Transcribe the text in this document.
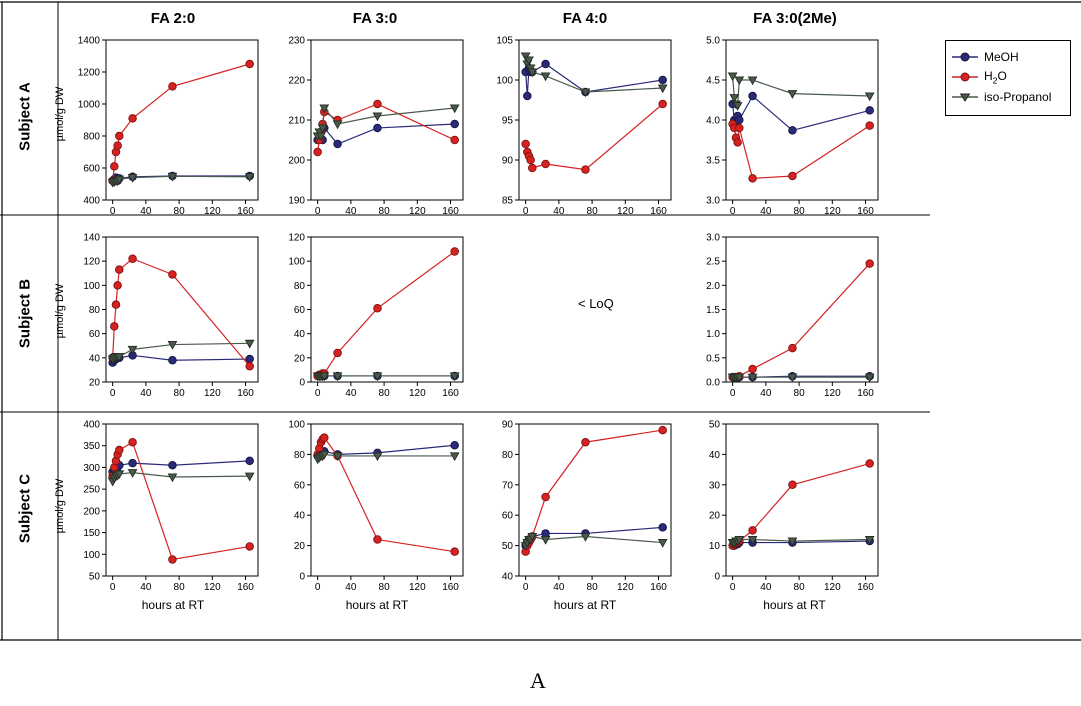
FA 2:0	FA 3:0	FA 4:0	FA 3:0(2Me)
Subject A
Subject B
Subject C
µmol/g DW
µmol/g DW
µmol/g DW
hours at RT	hours at RT	hours at RT	hours at RT
400
600
800
1000
1200
1400
0 40 80 120 160
190
200
210
220
230
0 40 80 120 160
85
90
95
100
105
0 40 80 120 160
3.0
3.5
4.0
4.5
5.0
0 40 80 120 160
20
40
60
80
100
120
140
0 40 80 120 160
0
20
40
60
80
100
120
0 40 80 120 160
0.0
0.5
1.0
1.5
2.0
2.5
3.0
0 40 80 120 160
50
100
150
200
250
300
350
400
0 40 80 120 160
0
20
40
60
80
100
0 40 80 120 160
40
50
60
70
80
90
0 40 80 120 160
0
10
20
30
40
50
0 40 80 120 160
< LoQ
MeOH
$H_2O$
iso-Propanol
A
